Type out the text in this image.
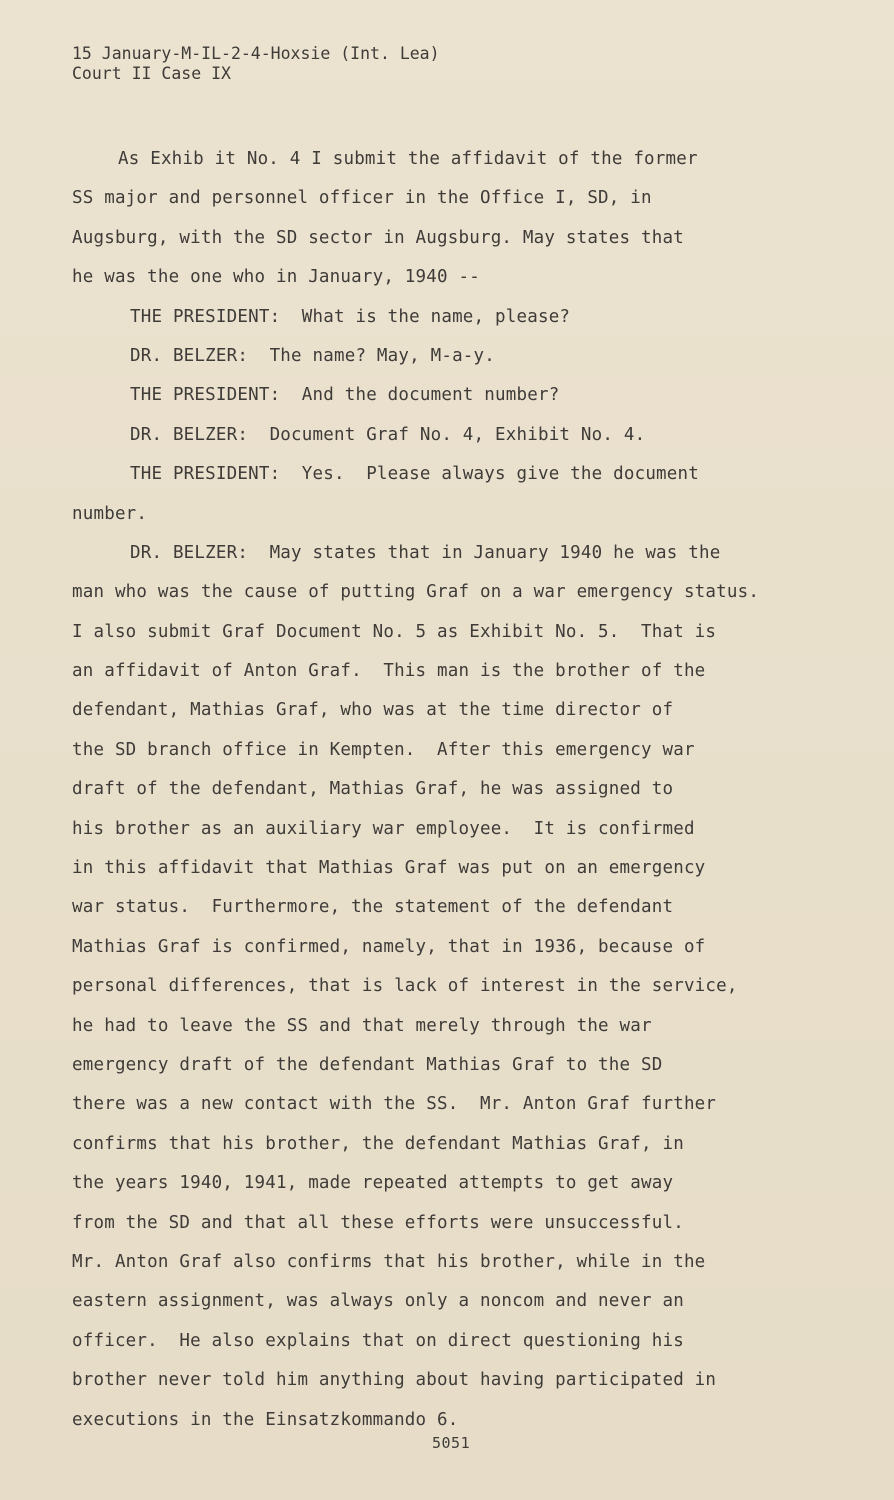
15 January-M-IL-2-4-Hoxsie (Int. Lea)
Court II Case IX
As Exhib it No. 4 I submit the affidavit of the former
SS major and personnel officer in the Office I, SD, in
Augsburg, with the SD sector in Augsburg. May states that
he was the one who in January, 1940 --
THE PRESIDENT:  What is the name, please?
DR. BELZER:  The name? May, M-a-y.
THE PRESIDENT:  And the document number?
DR. BELZER:  Document Graf No. 4, Exhibit No. 4.
THE PRESIDENT:  Yes.  Please always give the document
number.
DR. BELZER:  May states that in January 1940 he was the
man who was the cause of putting Graf on a war emergency status.
I also submit Graf Document No. 5 as Exhibit No. 5.  That is
an affidavit of Anton Graf.  This man is the brother of the
defendant, Mathias Graf, who was at the time director of
the SD branch office in Kempten.  After this emergency war
draft of the defendant, Mathias Graf, he was assigned to
his brother as an auxiliary war employee.  It is confirmed
in this affidavit that Mathias Graf was put on an emergency
war status.  Furthermore, the statement of the defendant
Mathias Graf is confirmed, namely, that in 1936, because of
personal differences, that is lack of interest in the service,
he had to leave the SS and that merely through the war
emergency draft of the defendant Mathias Graf to the SD
there was a new contact with the SS.  Mr. Anton Graf further
confirms that his brother, the defendant Mathias Graf, in
the years 1940, 1941, made repeated attempts to get away
from the SD and that all these efforts were unsuccessful.
Mr. Anton Graf also confirms that his brother, while in the
eastern assignment, was always only a noncom and never an
officer.  He also explains that on direct questioning his
brother never told him anything about having participated in
executions in the Einsatzkommando 6.
5051
